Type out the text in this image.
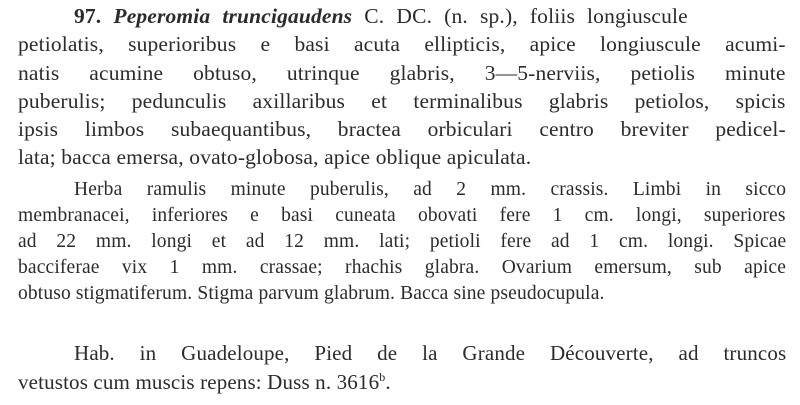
97. Peperomia truncigaudens C. DC. (n. sp.), foliis longiuscule
petiolatis, superioribus e basi acuta ellipticis, apice longiuscule acumi-
natis acumine obtuso, utrinque glabris, 3—5-nerviis, petiolis minute
puberulis; pedunculis axillaribus et terminalibus glabris petiolos, spicis
ipsis limbos subaequantibus, bractea orbiculari centro breviter pedicel-
lata; bacca emersa, ovato-globosa, apice oblique apiculata.
Herba ramulis minute puberulis, ad 2 mm. crassis. Limbi in sicco
membranacei, inferiores e basi cuneata obovati fere 1 cm. longi, superiores
ad 22 mm. longi et ad 12 mm. lati; petioli fere ad 1 cm. longi. Spicae
bacciferae vix 1 mm. crassae; rhachis glabra. Ovarium emersum, sub apice
obtuso stigmatiferum. Stigma parvum glabrum. Bacca sine pseudocupula.
Hab. in Guadeloupe, Pied de la Grande Découverte, ad truncos
vetustos cum muscis repens: Duss n. 3616$^b$.
